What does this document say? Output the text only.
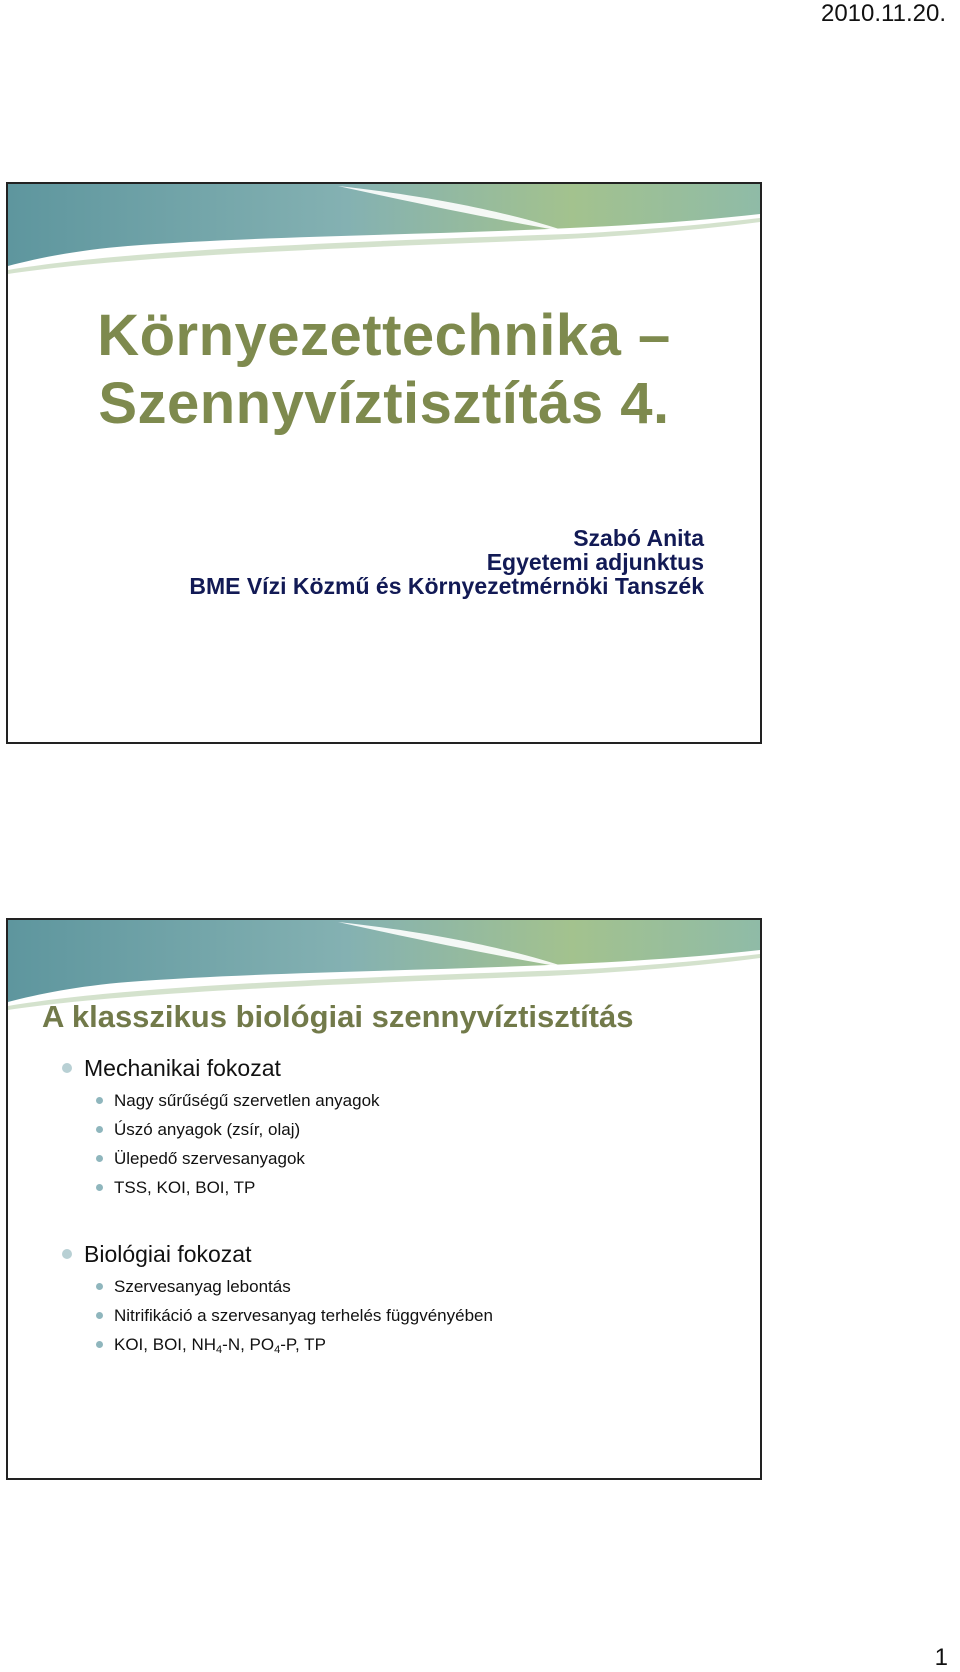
2010.11.20.
Környezettechnika –
Szennyvíztisztítás 4.
Szabó Anita
Egyetemi adjunktus
BME Vízi Közmű és Környezetmérnöki Tanszék
A klasszikus biológiai szennyvíztisztítás
Mechanikai fokozat
Nagy sűrűségű szervetlen anyagok
Úszó anyagok (zsír, olaj)
Ülepedő szervesanyagok
TSS, KOI, BOI, TP
Biológiai fokozat
Szervesanyag lebontás
Nitrifikáció a szervesanyag terhelés függvényében
KOI, BOI, $NH_4-N$, $PO_4-P$, TP
1
